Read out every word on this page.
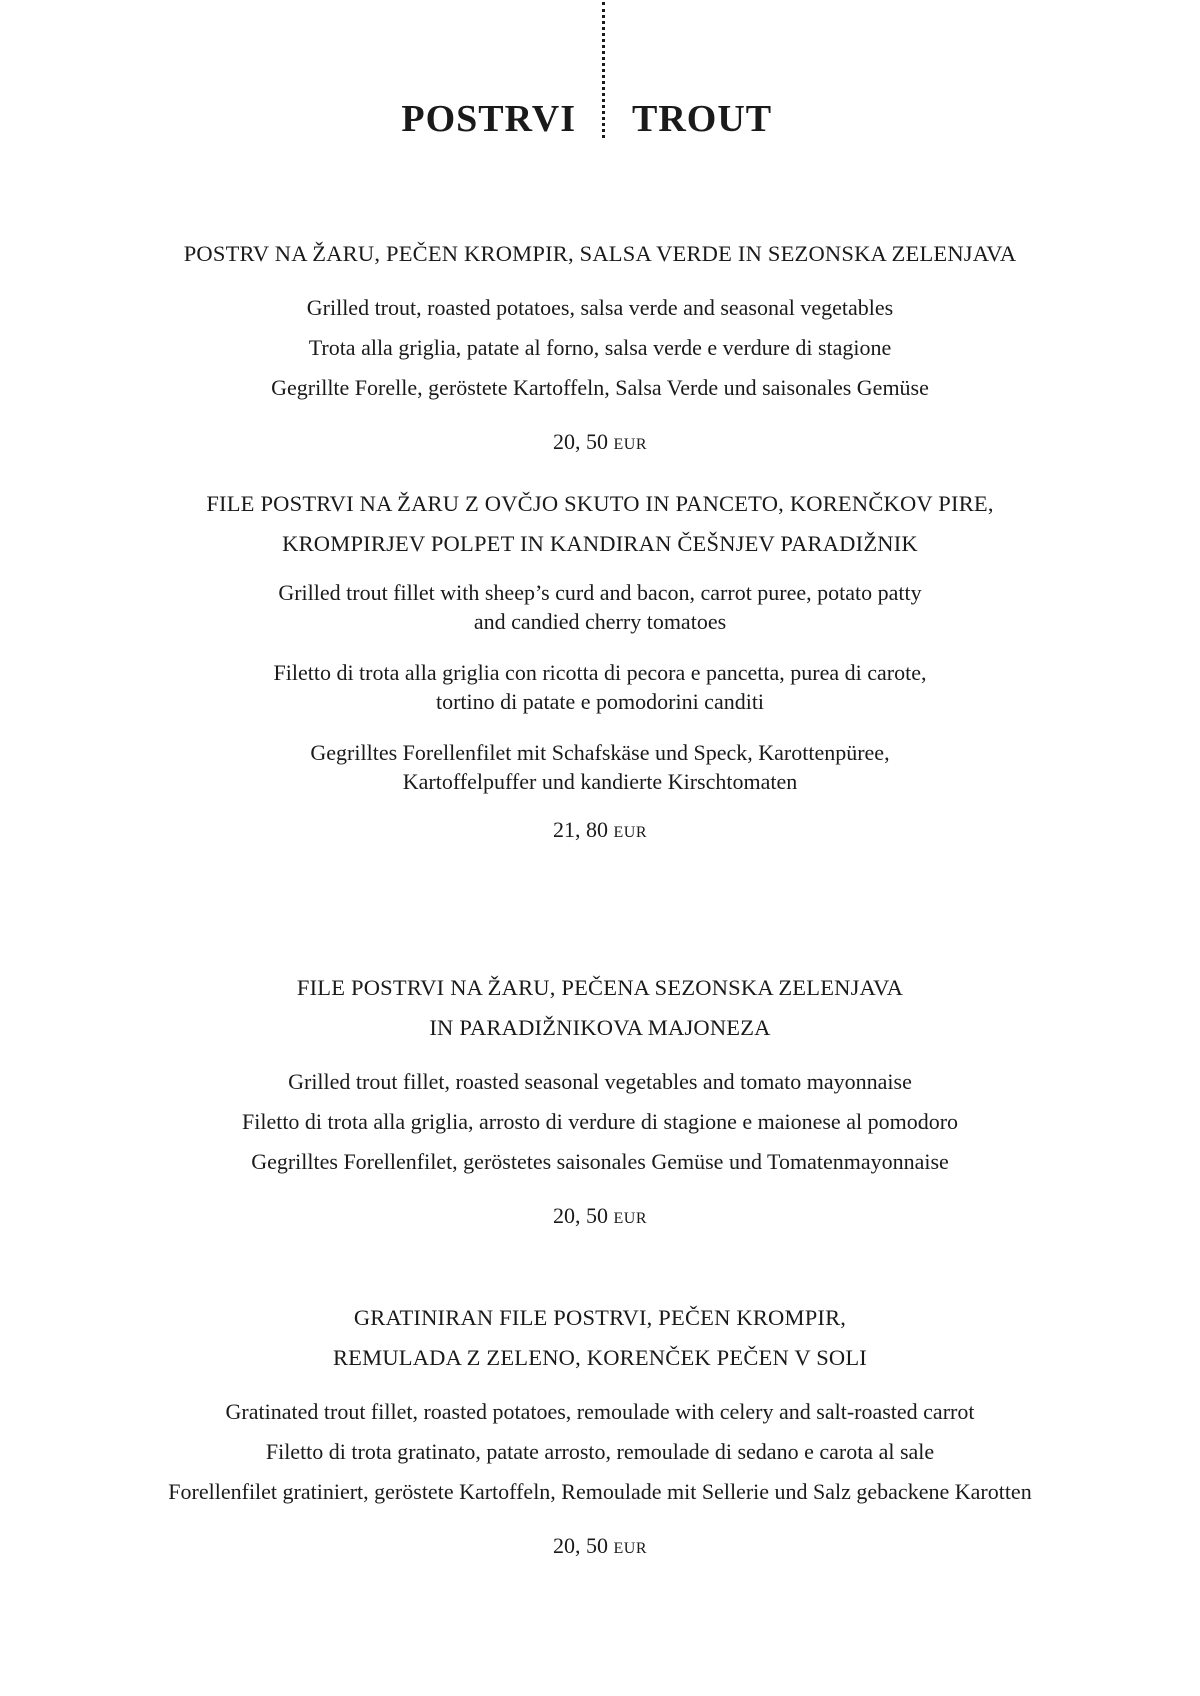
POSTRVI TROUT
POSTRV NA ŽARU, PEČEN KROMPIR, SALSA VERDE IN SEZONSKA ZELENJAVA
Grilled trout, roasted potatoes, salsa verde and seasonal vegetables
Trota alla griglia, patate al forno, salsa verde e verdure di stagione
Gegrillte Forelle, geröstete Kartoffeln, Salsa Verde und saisonales Gemüse
20, 50 EUR
FILE POSTRVI NA ŽARU Z OVČJO SKUTO IN PANCETO, KORENČKOV PIRE,
KROMPIRJEV POLPET IN KANDIRAN ČEŠNJEV PARADIŽNIK
Grilled trout fillet with sheep’s curd and bacon, carrot puree, potato patty
and candied cherry tomatoes
Filetto di trota alla griglia con ricotta di pecora e pancetta, purea di carote,
tortino di patate e pomodorini canditi
Gegrilltes Forellenfilet mit Schafskäse und Speck, Karottenpüree,
Kartoffelpuffer und kandierte Kirschtomaten
21, 80 EUR
FILE POSTRVI NA ŽARU, PEČENA SEZONSKA ZELENJAVA
IN PARADIŽNIKOVA MAJONEZA
Grilled trout fillet, roasted seasonal vegetables and tomato mayonnaise
Filetto di trota alla griglia, arrosto di verdure di stagione e maionese al pomodoro
Gegrilltes Forellenfilet, geröstetes saisonales Gemüse und Tomatenmayonnaise
20, 50 EUR
GRATINIRAN FILE POSTRVI, PEČEN KROMPIR,
REMULADA Z ZELENO, KORENČEK PEČEN V SOLI
Gratinated trout fillet, roasted potatoes, remoulade with celery and salt-roasted carrot
Filetto di trota gratinato, patate arrosto, remoulade di sedano e carota al sale
Forellenfilet gratiniert, geröstete Kartoffeln, Remoulade mit Sellerie und Salz gebackene Karotten
20, 50 EUR
